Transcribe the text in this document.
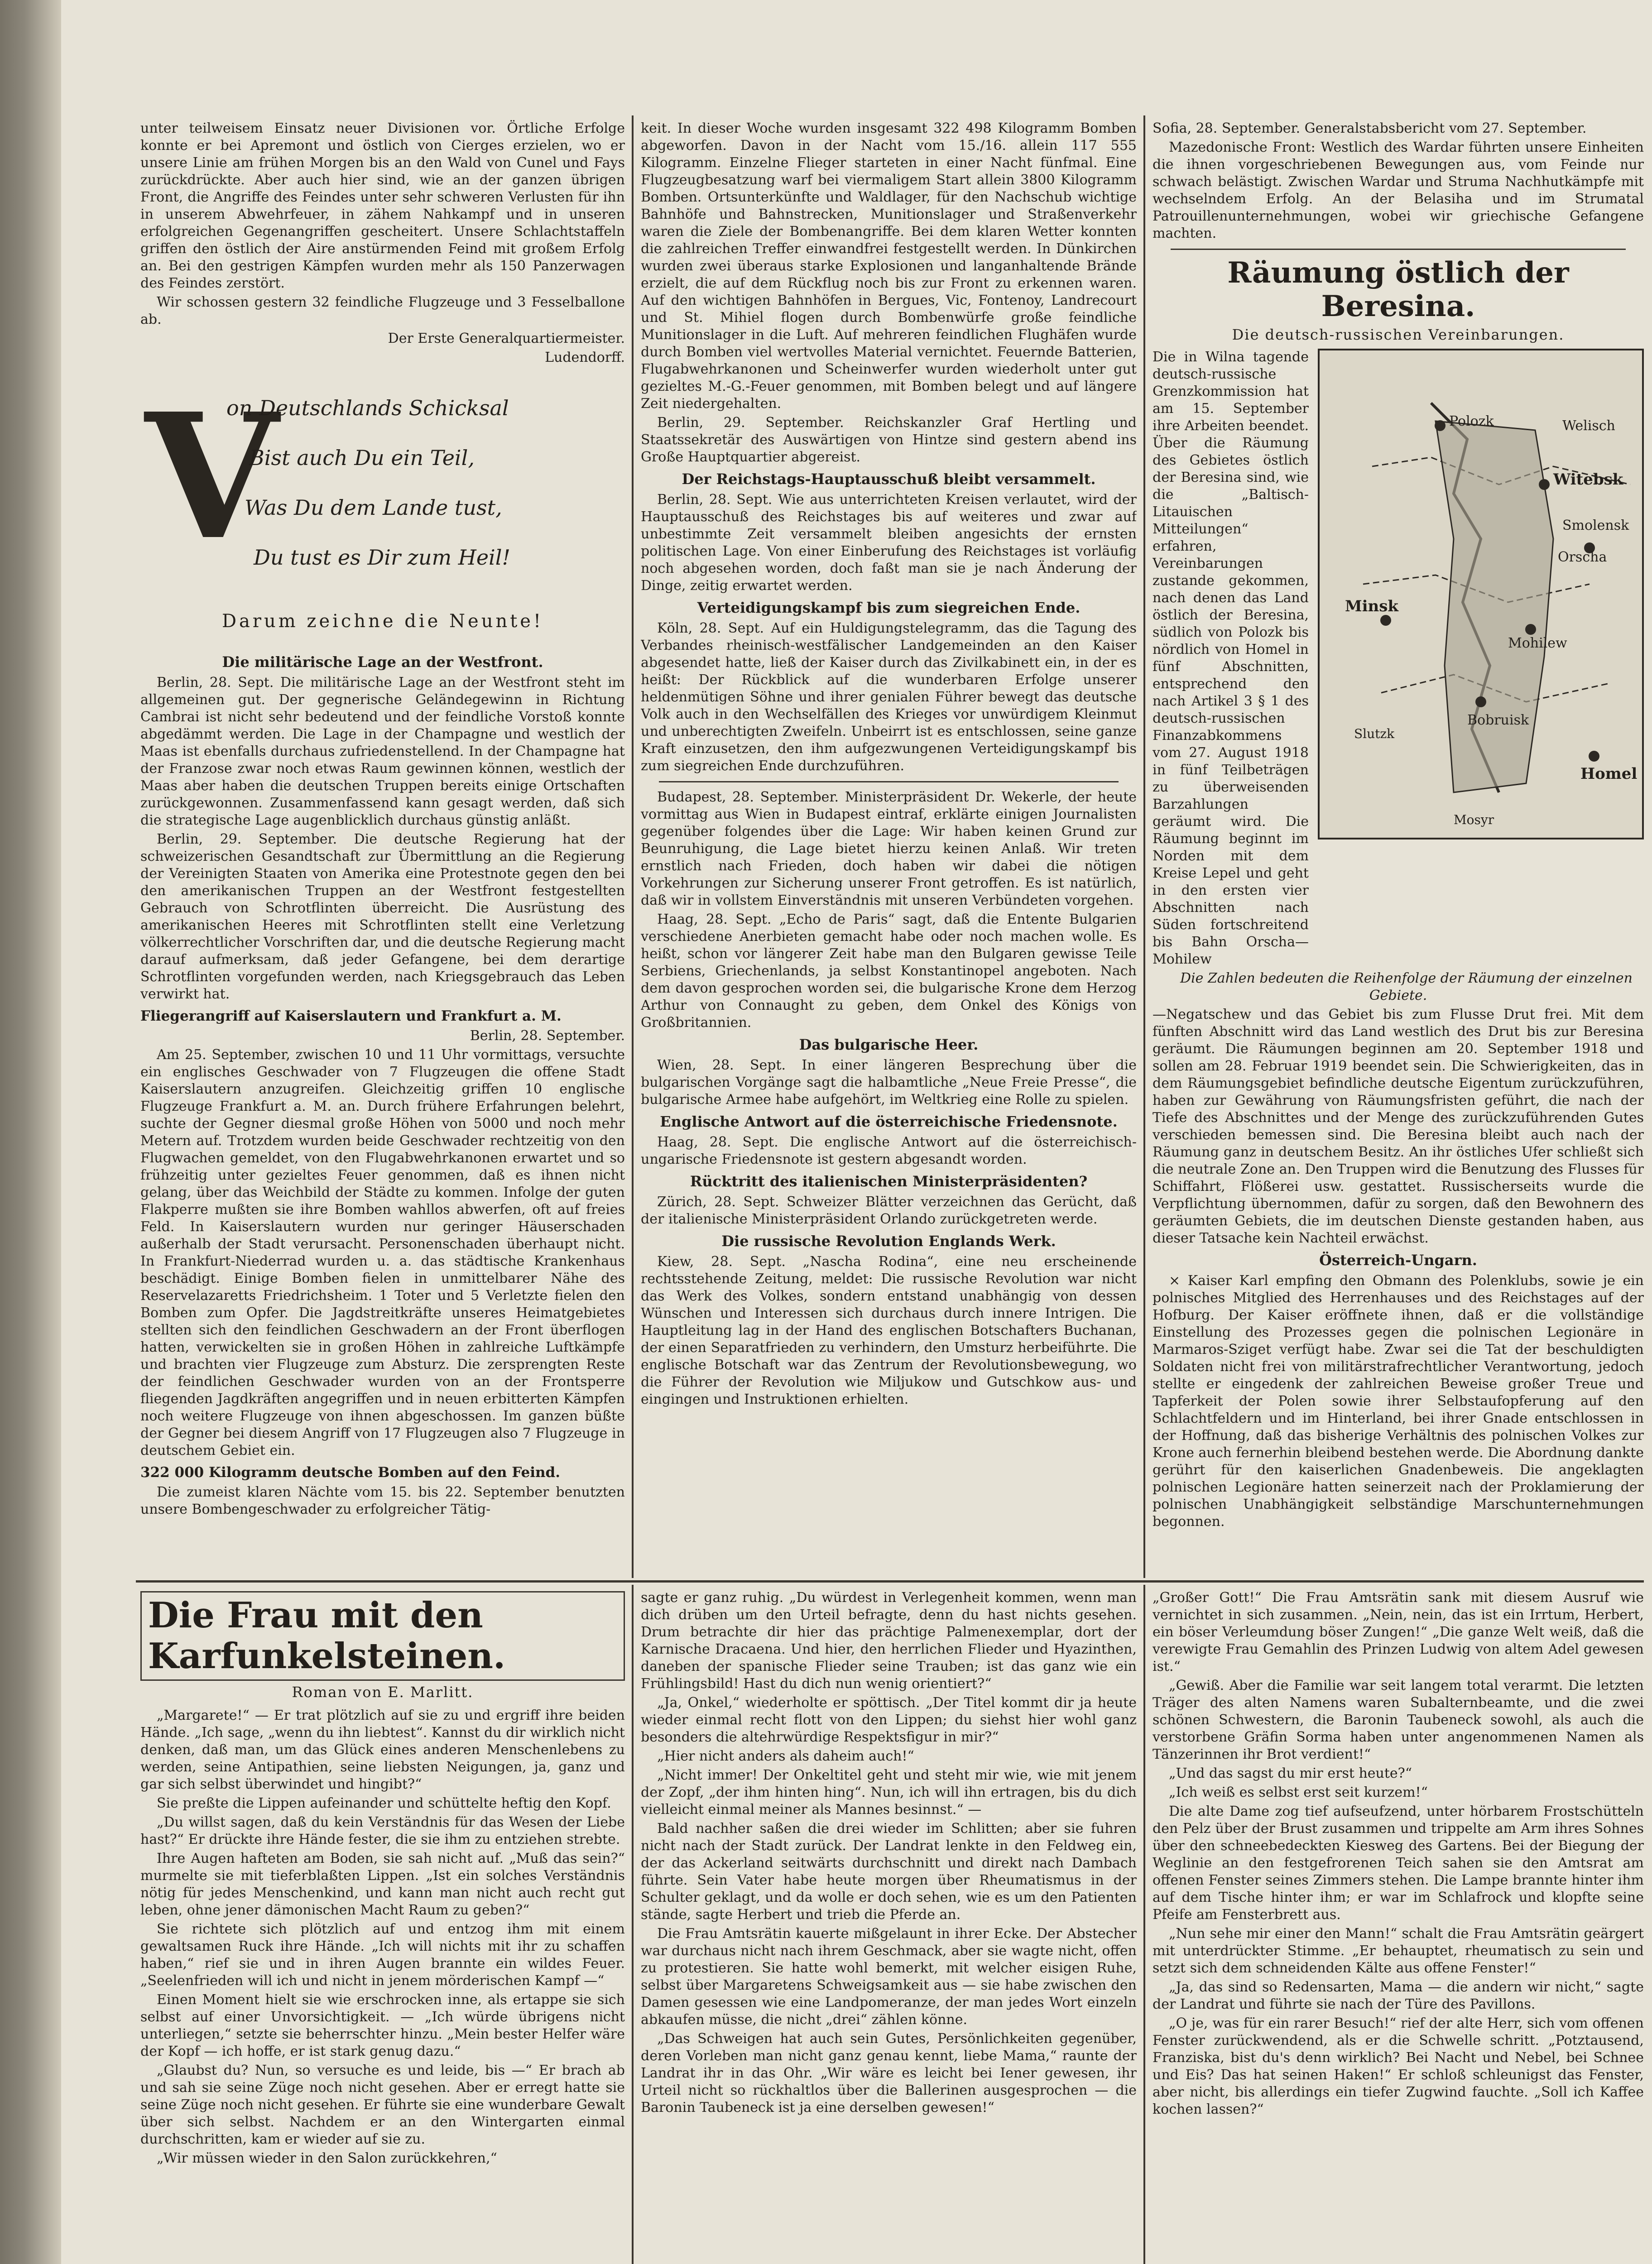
unter teilweisem Einsatz neuer Divisionen vor. Örtliche Erfolge konnte er bei Apremont und östlich von Cierges erzielen, wo er unsere Linie am frühen Morgen bis an den Wald von Cunel und Fays zurückdrückte. Aber auch hier sind, wie an der ganzen übrigen Front, die Angriffe des Feindes unter sehr schweren Verlusten für ihn in unserem Abwehrfeuer, in zähem Nahkampf und in unseren erfolgreichen Gegenangriffen gescheitert. Unsere Schlachtstaffeln griffen den östlich der Aire anstürmenden Feind mit großem Erfolg an. Bei den gestrigen Kämpfen wurden mehr als 150 Panzerwagen des Feindes zerstört.

Wir schossen gestern 32 feindliche Flugzeuge und 3 Fesselballone ab.

Der Erste Generalquartiermeister.
Ludendorff.
V
on Deutschlands Schicksal
Bist auch Du ein Teil,
Was Du dem Lande tust,
Du tust es Dir zum Heil!
Darum zeichne die Neunte!
Die militärische Lage an der Westfront.

Berlin, 28. Sept. Die militärische Lage an der Westfront steht im allgemeinen gut. Der gegnerische Geländegewinn in Richtung Cambrai ist nicht sehr bedeutend und der feindliche Vorstoß konnte abgedämmt werden. Die Lage in der Champagne und westlich der Maas ist ebenfalls durchaus zufriedenstellend. In der Champagne hat der Franzose zwar noch etwas Raum gewinnen können, westlich der Maas aber haben die deutschen Truppen bereits einige Ortschaften zurückgewonnen. Zusammenfassend kann gesagt werden, daß sich die strategische Lage augenblicklich durchaus günstig anläßt.

Berlin, 29. September. Die deutsche Regierung hat der schweizerischen Gesandtschaft zur Übermittlung an die Regierung der Vereinigten Staaten von Amerika eine Protestnote gegen den bei den amerikanischen Truppen an der Westfront festgestellten Gebrauch von Schrotflinten überreicht. Die Ausrüstung des amerikanischen Heeres mit Schrotflinten stellt eine Verletzung völkerrechtlicher Vorschriften dar, und die deutsche Regierung macht darauf aufmerksam, daß jeder Gefangene, bei dem derartige Schrotflinten vorgefunden werden, nach Kriegsgebrauch das Leben verwirkt hat.

Fliegerangriff auf Kaiserslautern und Frankfurt a. M.
Berlin, 28. September.

Am 25. September, zwischen 10 und 11 Uhr vormittags, versuchte ein englisches Geschwader von 7 Flugzeugen die offene Stadt Kaiserslautern anzugreifen. Gleichzeitig griffen 10 englische Flugzeuge Frankfurt a. M. an. Durch frühere Erfahrungen belehrt, suchte der Gegner diesmal große Höhen von 5000 und noch mehr Metern auf. Trotzdem wurden beide Geschwader rechtzeitig von den Flugwachen gemeldet, von den Flugabwehrkanonen erwartet und so frühzeitig unter gezieltes Feuer genommen, daß es ihnen nicht gelang, über das Weichbild der Städte zu kommen. Infolge der guten Flakperre mußten sie ihre Bomben wahllos abwerfen, oft auf freies Feld. In Kaiserslautern wurden nur geringer Häuserschaden außerhalb der Stadt verursacht. Personenschaden überhaupt nicht. In Frankfurt-Niederrad wurden u. a. das städtische Krankenhaus beschädigt. Einige Bomben fielen in unmittelbarer Nähe des Reservelazaretts Friedrichsheim. 1 Toter und 5 Verletzte fielen den Bomben zum Opfer. Die Jagdstreitkräfte unseres Heimatgebietes stellten sich den feindlichen Geschwadern an der Front überflogen hatten, verwickelten sie in großen Höhen in zahlreiche Luftkämpfe und brachten vier Flugzeuge zum Absturz. Die zersprengten Reste der feindlichen Geschwader wurden von an der Frontsperre fliegenden Jagdkräften angegriffen und in neuen erbitterten Kämpfen noch weitere Flugzeuge von ihnen abgeschossen. Im ganzen büßte der Gegner bei diesem Angriff von 17 Flugzeugen also 7 Flugzeuge in deutschem Gebiet ein.

322 000 Kilogramm deutsche Bomben auf den Feind.

Die zumeist klaren Nächte vom 15. bis 22. September benutzten unsere Bombengeschwader zu erfolgreicher Tätig-

keit. In dieser Woche wurden insgesamt 322 498 Kilogramm Bomben abgeworfen. Davon in der Nacht vom 15./16. allein 117 555 Kilogramm. Einzelne Flieger starteten in einer Nacht fünfmal. Eine Flugzeugbesatzung warf bei viermaligem Start allein 3800 Kilogramm Bomben. Ortsunterkünfte und Waldlager, für den Nachschub wichtige Bahnhöfe und Bahnstrecken, Munitionslager und Straßenverkehr waren die Ziele der Bombenangriffe. Bei dem klaren Wetter konnten die zahlreichen Treffer einwandfrei festgestellt werden. In Dünkirchen wurden zwei überaus starke Explosionen und langanhaltende Brände erzielt, die auf dem Rückflug noch bis zur Front zu erkennen waren. Auf den wichtigen Bahnhöfen in Bergues, Vic, Fontenoy, Landrecourt und St. Mihiel flogen durch Bombenwürfe große feindliche Munitionslager in die Luft. Auf mehreren feindlichen Flughäfen wurde durch Bomben viel wertvolles Material vernichtet. Feuernde Batterien, Flugabwehrkanonen und Scheinwerfer wurden wiederholt unter gut gezieltes M.-G.-Feuer genommen, mit Bomben belegt und auf längere Zeit niedergehalten.

Berlin, 29. September. Reichskanzler Graf Hertling und Staatssekretär des Auswärtigen von Hintze sind gestern abend ins Große Hauptquartier abgereist.

Der Reichstags-Hauptausschuß bleibt versammelt.

Berlin, 28. Sept. Wie aus unterrichteten Kreisen verlautet, wird der Hauptausschuß des Reichstages bis auf weiteres und zwar auf unbestimmte Zeit versammelt bleiben angesichts der ernsten politischen Lage. Von einer Einberufung des Reichstages ist vorläufig noch abgesehen worden, doch faßt man sie je nach Änderung der Dinge, zeitig erwartet werden.

Verteidigungskampf bis zum siegreichen Ende.

Köln, 28. Sept. Auf ein Huldigungstelegramm, das die Tagung des Verbandes rheinisch-westfälischer Landgemeinden an den Kaiser abgesendet hatte, ließ der Kaiser durch das Zivilkabinett ein, in der es heißt: Der Rückblick auf die wunderbaren Erfolge unserer heldenmütigen Söhne und ihrer genialen Führer bewegt das deutsche Volk auch in den Wechselfällen des Krieges vor unwürdigem Kleinmut und unberechtigten Zweifeln. Unbeirrt ist es entschlossen, seine ganze Kraft einzusetzen, den ihm aufgezwungenen Verteidigungskampf bis zum siegreichen Ende durchzuführen.

Budapest, 28. September. Ministerpräsident Dr. Wekerle, der heute vormittag aus Wien in Budapest eintraf, erklärte einigen Journalisten gegenüber folgendes über die Lage: Wir haben keinen Grund zur Beunruhigung, die Lage bietet hierzu keinen Anlaß. Wir treten ernstlich nach Frieden, doch haben wir dabei die nötigen Vorkehrungen zur Sicherung unserer Front getroffen. Es ist natürlich, daß wir in vollstem Einverständnis mit unseren Verbündeten vorgehen.

Haag, 28. Sept. „Echo de Paris“ sagt, daß die Entente Bulgarien verschiedene Anerbieten gemacht habe oder noch machen wolle. Es heißt, schon vor längerer Zeit habe man den Bulgaren gewisse Teile Serbiens, Griechenlands, ja selbst Konstantinopel angeboten. Nach dem davon gesprochen worden sei, die bulgarische Krone dem Herzog Arthur von Connaught zu geben, dem Onkel des Königs von Großbritannien.

Das bulgarische Heer.

Wien, 28. Sept. In einer längeren Besprechung über die bulgarischen Vorgänge sagt die halbamtliche „Neue Freie Presse“, die bulgarische Armee habe aufgehört, im Weltkrieg eine Rolle zu spielen.

Englische Antwort auf die österreichische Friedensnote.

Haag, 28. Sept. Die englische Antwort auf die österreichisch-ungarische Friedensnote ist gestern abgesandt worden.

Rücktritt des italienischen Ministerpräsidenten?

Zürich, 28. Sept. Schweizer Blätter verzeichnen das Gerücht, daß der italienische Ministerpräsident Orlando zurückgetreten werde.

Die russische Revolution Englands Werk.

Kiew, 28. Sept. „Nascha Rodina“, eine neu erscheinende rechtsstehende Zeitung, meldet: Die russische Revolution war nicht das Werk des Volkes, sondern entstand unabhängig von dessen Wünschen und Interessen sich durchaus durch innere Intrigen. Die Hauptleitung lag in der Hand des englischen Botschafters Buchanan, der einen Separatfrieden zu verhindern, den Umsturz herbeiführte. Die englische Botschaft war das Zentrum der Revolutionsbewegung, wo die Führer der Revolution wie Miljukow und Gutschkow aus- und eingingen und Instruktionen erhielten.

Sofia, 28. September. Generalstabsbericht vom 27. September.

Mazedonische Front: Westlich des Wardar führten unsere Einheiten die ihnen vorgeschriebenen Bewegungen aus, vom Feinde nur schwach belästigt. Zwischen Wardar und Struma Nachhutkämpfe mit wechselndem Erfolg. An der Belasiha und im Strumatal Patrouillenunternehmungen, wobei wir griechische Gefangene machten.

Räumung östlich der Beresina.
Die deutsch-russischen Vereinbarungen.
Polozk	Welisch
Witebsk
Smolensk
Orscha
Minsk
Mohilew
Bobruisk
Slutzk
Homel
Mosyr

Die in Wilna tagende deutsch-russische Grenzkommission hat am 15. September ihre Arbeiten beendet. Über die Räumung des Gebietes östlich der Beresina sind, wie die „Baltisch-Litauischen Mitteilungen“ erfahren, Vereinbarungen zustande gekommen, nach denen das Land östlich der Beresina, südlich von Polozk bis nördlich von Homel in fünf Abschnitten, entsprechend den nach Artikel 3 § 1 des deutsch-russischen Finanzabkommens vom 27. August 1918 in fünf Teilbeträgen zu überweisenden Barzahlungen geräumt wird. Die Räumung beginnt im Norden mit dem Kreise Lepel und geht in den ersten vier Abschnitten nach Süden fortschreitend bis Bahn Orscha—Mohilew

Die Zahlen bedeuten die Reihenfolge der Räumung der einzelnen Gebiete.

—Negatschew und das Gebiet bis zum Flusse Drut frei. Mit dem fünften Abschnitt wird das Land westlich des Drut bis zur Beresina geräumt. Die Räumungen beginnen am 20. September 1918 und sollen am 28. Februar 1919 beendet sein. Die Schwierigkeiten, das in dem Räumungsgebiet befindliche deutsche Eigentum zurückzuführen, haben zur Gewährung von Räumungsfristen geführt, die nach der Tiefe des Abschnittes und der Menge des zurückzuführenden Gutes verschieden bemessen sind. Die Beresina bleibt auch nach der Räumung ganz in deutschem Besitz. An ihr östliches Ufer schließt sich die neutrale Zone an. Den Truppen wird die Benutzung des Flusses für Schiffahrt, Flößerei usw. gestattet. Russischerseits wurde die Verpflichtung übernommen, dafür zu sorgen, daß den Bewohnern des geräumten Gebiets, die im deutschen Dienste gestanden haben, aus dieser Tatsache kein Nachteil erwächst.

Österreich-Ungarn.

× Kaiser Karl empfing den Obmann des Polenklubs, sowie je ein polnisches Mitglied des Herrenhauses und des Reichstages auf der Hofburg. Der Kaiser eröffnete ihnen, daß er die vollständige Einstellung des Prozesses gegen die polnischen Legionäre in Marmaros-Sziget verfügt habe. Zwar sei die Tat der beschuldigten Soldaten nicht frei von militärstrafrechtlicher Verantwortung, jedoch stellte er eingedenk der zahlreichen Beweise großer Treue und Tapferkeit der Polen sowie ihrer Selbstaufopferung auf den Schlachtfeldern und im Hinterland, bei ihrer Gnade entschlossen in der Hoffnung, daß das bisherige Verhältnis des polnischen Volkes zur Krone auch fernerhin bleibend bestehen werde. Die Abordnung dankte gerührt für den kaiserlichen Gnadenbeweis. Die angeklagten polnischen Legionäre hatten seinerzeit nach der Proklamierung der polnischen Unabhängigkeit selbständige Marschunternehmungen begonnen.

Die Frau mit den Karfunkelsteinen.
Roman von E. Marlitt.

„Margarete!“ — Er trat plötzlich auf sie zu und ergriff ihre beiden Hände. „Ich sage, „wenn du ihn liebtest“. Kannst du dir wirklich nicht denken, daß man, um das Glück eines anderen Menschenlebens zu werden, seine Antipathien, seine liebsten Neigungen, ja, ganz und gar sich selbst überwindet und hingibt?“

Sie preßte die Lippen aufeinander und schüttelte heftig den Kopf.

„Du willst sagen, daß du kein Verständnis für das Wesen der Liebe hast?“ Er drückte ihre Hände fester, die sie ihm zu entziehen strebte.

Ihre Augen hafteten am Boden, sie sah nicht auf. „Muß das sein?“ murmelte sie mit tieferblaßten Lippen. „Ist ein solches Verständnis nötig für jedes Menschenkind, und kann man nicht auch recht gut leben, ohne jener dämonischen Macht Raum zu geben?“

Sie richtete sich plötzlich auf und entzog ihm mit einem gewaltsamen Ruck ihre Hände. „Ich will nichts mit ihr zu schaffen haben,“ rief sie und in ihren Augen brannte ein wildes Feuer. „Seelenfrieden will ich und nicht in jenem mörderischen Kampf —“

Einen Moment hielt sie wie erschrocken inne, als ertappe sie sich selbst auf einer Unvorsichtigkeit. — „Ich würde übrigens nicht unterliegen,“ setzte sie beherrschter hinzu. „Mein bester Helfer wäre der Kopf — ich hoffe, er ist stark genug dazu.“

„Glaubst du? Nun, so versuche es und leide, bis —“ Er brach ab und sah sie seine Züge noch nicht gesehen. Aber er erregt hatte sie seine Züge noch nicht gesehen. Er führte sie eine wunderbare Gewalt über sich selbst. Nachdem er an den Wintergarten einmal durchschritten, kam er wieder auf sie zu.

„Wir müssen wieder in den Salon zurückkehren,“

sagte er ganz ruhig. „Du würdest in Verlegenheit kommen, wenn man dich drüben um den Urteil befragte, denn du hast nichts gesehen. Drum betrachte dir hier das prächtige Palmenexemplar, dort der Karnische Dracaena. Und hier, den herrlichen Flieder und Hyazinthen, daneben der spanische Flieder seine Trauben; ist das ganz wie ein Frühlingsbild! Hast du dich nun wenig orientiert?“

„Ja, Onkel,“ wiederholte er spöttisch. „Der Titel kommt dir ja heute wieder einmal recht flott von den Lippen; du siehst hier wohl ganz besonders die altehrwürdige Respektsfigur in mir?“

„Hier nicht anders als daheim auch!“

„Nicht immer! Der Onkeltitel geht und steht mir wie, wie mit jenem der Zopf, „der ihm hinten hing“. Nun, ich will ihn ertragen, bis du dich vielleicht einmal meiner als Mannes besinnst.“ —

Bald nachher saßen die drei wieder im Schlitten; aber sie fuhren nicht nach der Stadt zurück. Der Landrat lenkte in den Feldweg ein, der das Ackerland seitwärts durchschnitt und direkt nach Dambach führte. Sein Vater habe heute morgen über Rheumatismus in der Schulter geklagt, und da wolle er doch sehen, wie es um den Patienten stände, sagte Herbert und trieb die Pferde an.

Die Frau Amtsrätin kauerte mißgelaunt in ihrer Ecke. Der Abstecher war durchaus nicht nach ihrem Geschmack, aber sie wagte nicht, offen zu protestieren. Sie hatte wohl bemerkt, mit welcher eisigen Ruhe, selbst über Margaretens Schweigsamkeit aus — sie habe zwischen den Damen gesessen wie eine Landpomeranze, der man jedes Wort einzeln abkaufen müsse, die nicht „drei“ zählen könne.

„Das Schweigen hat auch sein Gutes, Persönlichkeiten gegenüber, deren Vorleben man nicht ganz genau kennt, liebe Mama,“ raunte der Landrat ihr in das Ohr. „Wir wäre es leicht bei Iener gewesen, ihr Urteil nicht so rückhaltlos über die Ballerinen ausgesprochen — die Baronin Taubeneck ist ja eine derselben gewesen!“

„Großer Gott!“ Die Frau Amtsrätin sank mit diesem Ausruf wie vernichtet in sich zusammen. „Nein, nein, das ist ein Irrtum, Herbert, ein böser Verleumdung böser Zungen!“ „Die ganze Welt weiß, daß die verewigte Frau Gemahlin des Prinzen Ludwig von altem Adel gewesen ist.“

„Gewiß. Aber die Familie war seit langem total verarmt. Die letzten Träger des alten Namens waren Subalternbeamte, und die zwei schönen Schwestern, die Baronin Taubeneck sowohl, als auch die verstorbene Gräfin Sorma haben unter angenommenen Namen als Tänzerinnen ihr Brot verdient!“

„Und das sagst du mir erst heute?“

„Ich weiß es selbst erst seit kurzem!“

Die alte Dame zog tief aufseufzend, unter hörbarem Frostschütteln den Pelz über der Brust zusammen und trippelte am Arm ihres Sohnes über den schneebedeckten Kiesweg des Gartens. Bei der Biegung der Weglinie an den festgefrorenen Teich sahen sie den Amtsrat am offenen Fenster seines Zimmers stehen. Die Lampe brannte hinter ihm auf dem Tische hinter ihm; er war im Schlafrock und klopfte seine Pfeife am Fensterbrett aus.

„Nun sehe mir einer den Mann!“ schalt die Frau Amtsrätin geärgert mit unterdrückter Stimme. „Er behauptet, rheumatisch zu sein und setzt sich dem schneidenden Kälte aus offene Fenster!“

„Ja, das sind so Redensarten, Mama — die andern wir nicht,“ sagte der Landrat und führte sie nach der Türe des Pavillons.

„O je, was für ein rarer Besuch!“ rief der alte Herr, sich vom offenen Fenster zurückwendend, als er die Schwelle schritt. „Potztausend, Franziska, bist du's denn wirklich? Bei Nacht und Nebel, bei Schnee und Eis? Das hat seinen Haken!“ Er schloß schleunigst das Fenster, aber nicht, bis allerdings ein tiefer Zugwind fauchte. „Soll ich Kaffee kochen lassen?“
